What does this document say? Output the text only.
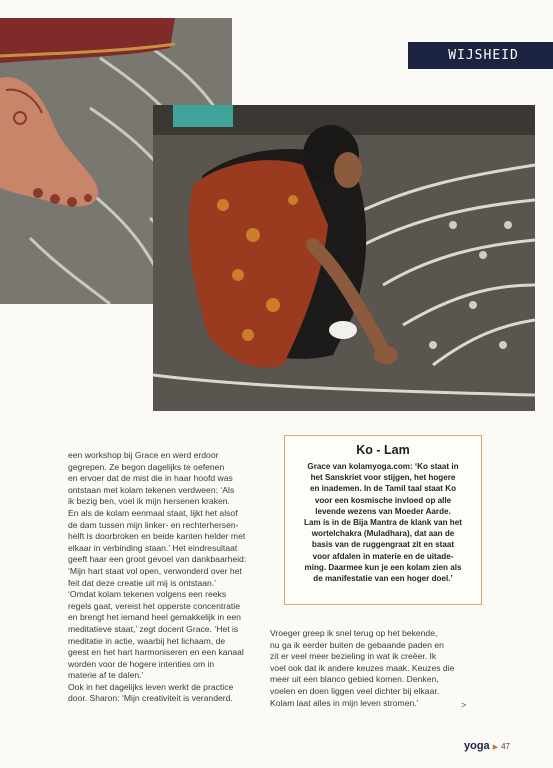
WIJSHEID
een workshop bij Grace en werd erdoor
gegrepen. Ze begon dagelijks te oefenen
en ervoer dat de mist die in haar hoofd was
ontstaan met kolam tekenen verdween: ‘Als
ik bezig ben, voel ik mijn hersenen kraken.
En als de kolam eenmaal staat, lijkt het alsof
de dam tussen mijn linker- en rechterhersen-
helft is doorbroken en beide kanten helder met
elkaar in verbinding staan.’ Het eindresultaat
geeft haar een groot gevoel van dankbaarheid:
‘Mijn hart staat vol open, verwonderd over het
feit dat deze creatie uit mij is ontstaan.’
‘Omdat kolam tekenen volgens een reeks
regels gaat, vereist het opperste concentratie
en brengt het iemand heel gemakkelijk in een
meditatieve staat,’ zegt docent Grace. ‘Het is
meditatie in actie, waarbij het lichaam, de
geest en het hart harmoniseren en een kanaal
worden voor de hogere intenties om in
materie af te dalen.’
Ook in het dagelijks leven werkt de practice
door. Sharon: ‘Mijn creativiteit is veranderd.
Ko - Lam
Grace van kolamyoga.com: ‘Ko staat in
het Sanskriet voor stijgen, het hogere
en inademen. In de Tamil taal staat Ko
voor een kosmische invloed op alle
levende wezens van Moeder Aarde.
Lam is in de Bija Mantra de klank van het
wortelchakra (Muladhara), dat aan de
basis van de ruggengraat zit en staat
voor afdalen in materie en de uitade-
ming. Daarmee kun je een kolam zien als
de manifestatie van een hoger doel.’
Vroeger greep ik snel terug op het bekende,
nu ga ik eerder buiten de gebaande paden en
zit er veel meer bezieling in wat ik creëer. Ik
voel ook dat ik andere keuzes maak. Keuzes die
meer uit een blanco gebied komen. Denken,
voelen en doen liggen veel dichter bij elkaar.
Kolam laat alles in mijn leven stromen.’	>
yoga ▶ 47
